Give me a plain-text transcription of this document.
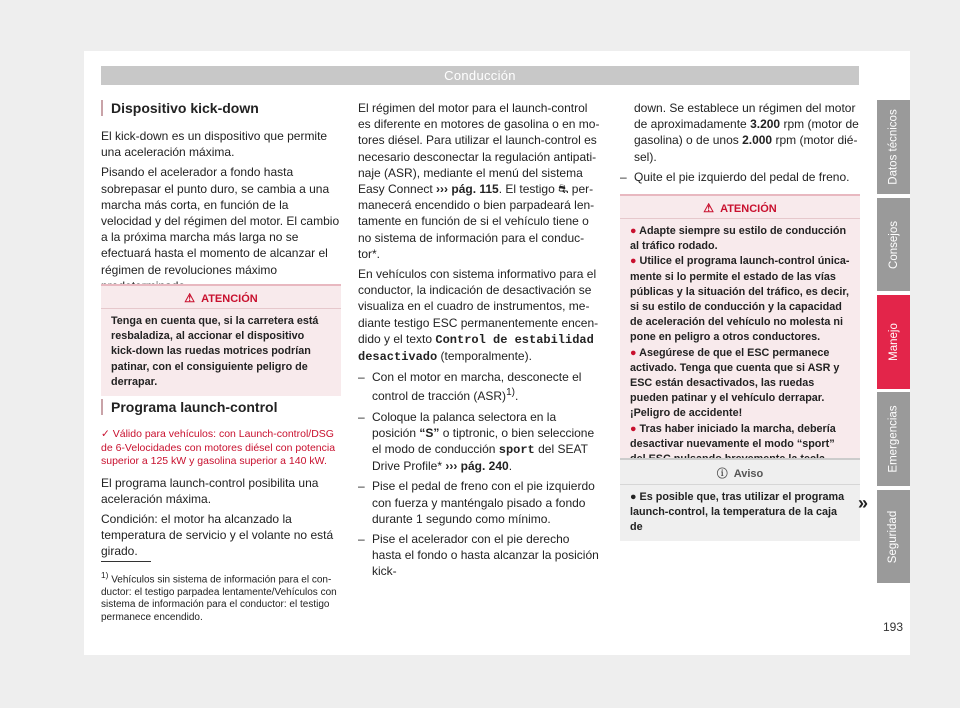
Conducción
Dispositivo kick-down

El kick-down es un dispositivo que permite una aceleración máxima.

Pisando el acelerador a fondo hasta sobrepasar el punto duro, se cambia a una marcha más corta, en función de la velocidad y del régimen del motor. El cambio a la próxima marcha más larga no se efectuará hasta el momento de alcanzar el régimen de revoluciones máximo

⚠ ATENCIÓN
Tenga en cuenta que, si la carretera está resbaladiza, al accionar el dispositivo kick-down las ruedas motrices podrían patinar, con el consiguiente peligro de derrapar.
Programa launch-control
✓ Válido para vehículos: con Launch-control/DSG de 6-Velocidades con motores diésel con potencia superior a 125 kW y gasolina superior a 140 kW.

El programa launch-control posibilita una aceleración máxima.

Condición: el motor ha alcanzado la temperatura de servicio y el volante no está girado.

$^{1)}$ Vehículos sin sistema de información para el conductor: el testigo parpadea lentamente/Vehículos con sistema de información para el conductor: el testigo permanece encendido.

El régimen del motor para el launch-control es diferente en motores de gasolina o en motores diésel. Para utilizar el launch-control es necesario desconectar la regulación antipatinaje (ASR), mediante el menú del sistema Easy Connect ››› pág. 115. El testigo ⛐ permanecerá encendido o bien parpadeará lentamente en función de si el vehículo tiene o no sistema de información para el conductor*.

En vehículos con sistema informativo para el conductor, la indicación de desactivación se visualiza en el cuadro de instrumentos, mediante testigo ESC permanentemente encendido y el texto Control de estabilidad desactivado (temporalmente).

– Con el motor en marcha, desconecte el control de tracción (ASR)$^{1)}$.
– Coloque la palanca selectora en la posición “S” o tiptronic, o bien seleccione el modo de conducción sport del SEAT Drive Profile* ››› pág. 240.
– Pise el pedal de freno con el pie izquierdo con fuerza y manténgalo pisado a fondo durante 1 segundo como mínimo.
– Pise el acelerador con el pie derecho hasta el fondo o hasta alcanzar la posición kick-
down. Se establece un régimen del motor de aproximadamente 3.200 rpm (motor de gasolina) o de unos 2.000 rpm (motor diésel).
– Quite el pie izquierdo del pedal de freno.
⚠ ATENCIÓN
● Adapte siempre su estilo de conducción al tráfico rodado.
● Utilice el programa launch-control únicamente si lo permite el estado de las vías públicas y la situación del tráfico, es decir, si su estilo de conducción y la capacidad de aceleración del vehículo no molesta ni pone en peligro a otros conductores.
● Asegúrese de que el ESC permanece activado. Tenga que cuenta que si ASR y ESC están desactivados, las ruedas pueden patinar y el vehículo derrapar. ¡Peligro de accidente!
● Tras haber iniciado la marcha, debería desactivar nuevamente el modo “sport”
ⓘ Aviso
● Es posible que, tras utilizar el programa launch-control, la temperatura de la caja de
»
Datos técnicos
Consejos
Manejo
Emergencias
Seguridad
193
